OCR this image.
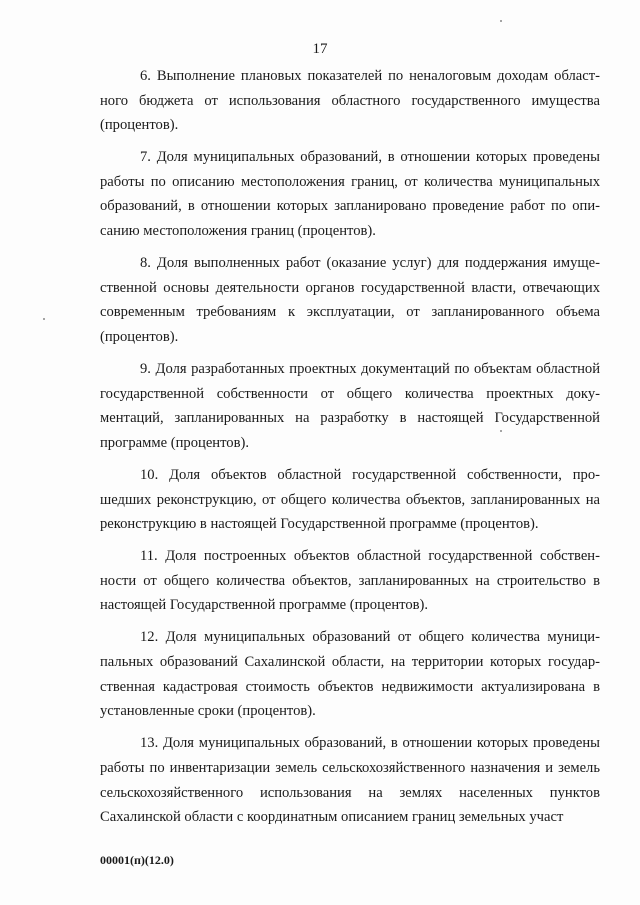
17

6. Выполнение плановых показателей по неналоговым доходам областного бюджета от использования областного государственного имущества (процентов).

7. Доля муниципальных образований, в отношении которых проведены работы по описанию местоположения границ, от количества муниципальных образований, в отношении которых запланировано проведение работ по описанию местоположения границ (процентов).

8. Доля выполненных работ (оказание услуг) для поддержания имущественной основы деятельности органов государственной власти, отвечающих современным требованиям к эксплуатации, от запланированного объема (процентов).

9. Доля разработанных проектных документаций по объектам областной государственной собственности от общего количества проектных документаций, запланированных на разработку в настоящей Государственной программе (процентов).

10. Доля объектов областной государственной собственности, прошедших реконструкцию, от общего количества объектов, запланированных на реконструкцию в настоящей Государственной программе (процентов).

11. Доля построенных объектов областной государственной собственности от общего количества объектов, запланированных на строительство в настоящей Государственной программе (процентов).

12. Доля муниципальных образований от общего количества муниципальных образований Сахалинской области, на территории которых государственная кадастровая стоимость объектов недвижимости актуализирована в установленные сроки (процентов).

13. Доля муниципальных образований, в отношении которых проведены работы по инвентаризации земель сельскохозяйственного назначения и земель сельскохозяйственного использования на землях населенных пунктов Сахалинской области с координатным описанием границ земельных участ

00001(п)(12.0)
